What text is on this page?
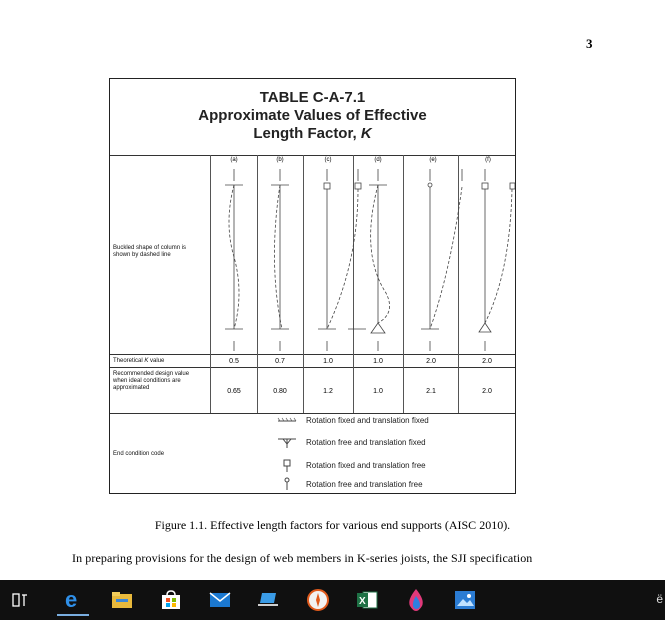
3
TABLE C-A-7.1
Approximate Values of Effective
Length Factor, K
(a)	(b)	(c)	(d)	(e)	(f)
Buckled shape of column is shown by dashed line
Theoretical K value	0.5	0.7	1.0	1.0	2.0	2.0
Recommended design value when ideal conditions are approximated	0.65	0.80	1.2	1.0	2.1	2.0
End condition code
Rotation fixed and translation fixed
Rotation free and translation fixed
Rotation fixed and translation free
Rotation free and translation free
Figure 1.1. Effective length factors for various end supports (AISC 2010).
In preparing provisions for the design of web members in K-series joists, the SJI specification
e	X	ё
